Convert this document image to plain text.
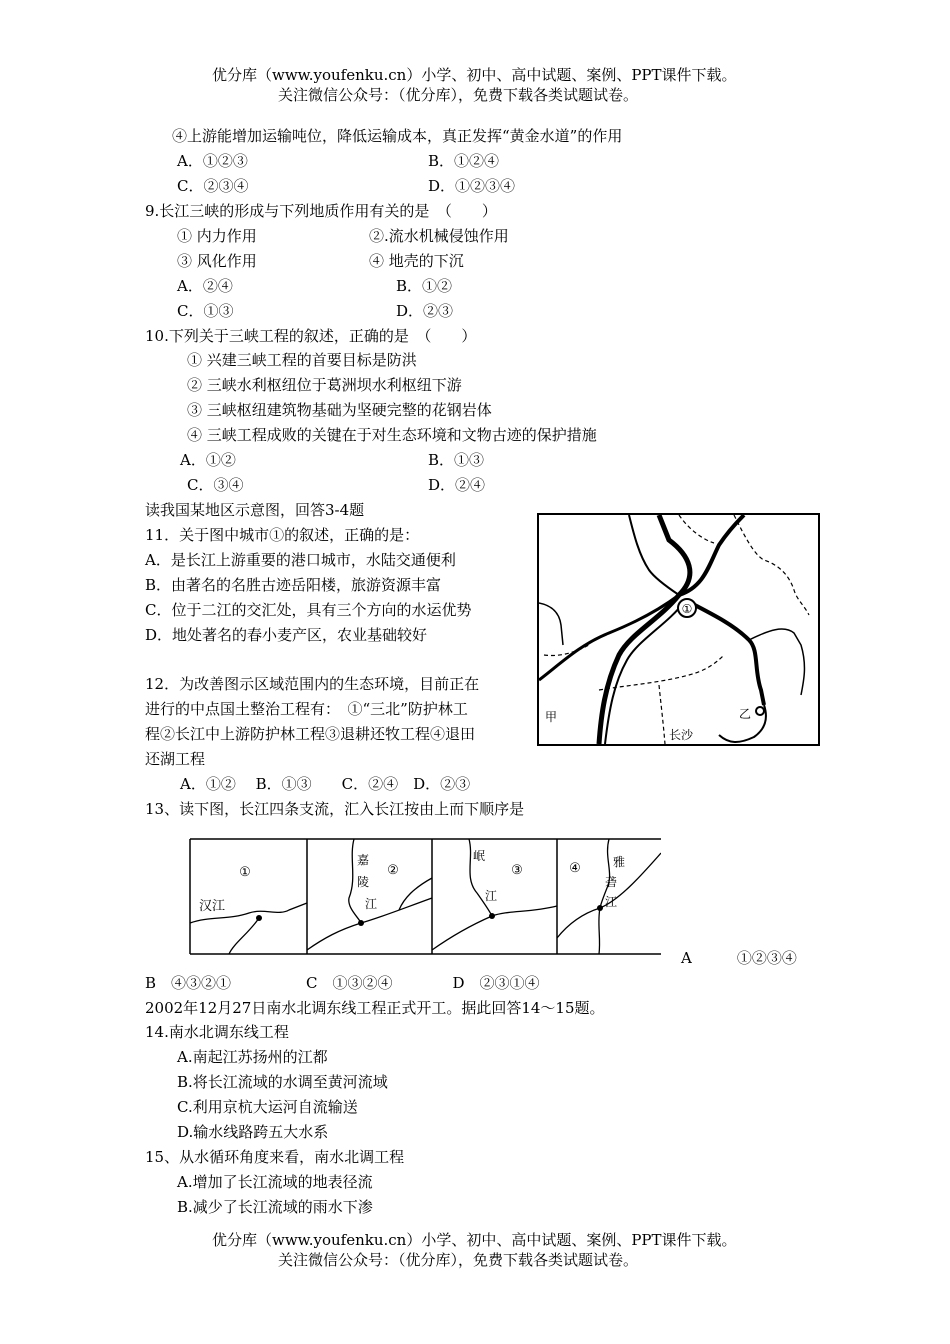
优分库（www.youfenku.cn）小学、初中、高中试题、案例、PPT课件下载。
关注微信公众号：（优分库），免费下载各类试题试卷。
④上游能增加运输吨位，降低运输成本，真正发挥“黄金水道”的作用
A．①②③	B．①②④
C．②③④	D．①②③④
9.长江三峡的形成与下列地质作用有关的是　（　　）
① 内力作用	②.流水机械侵蚀作用
③ 风化作用	④ 地壳的下沉
A．②④	B．①②
C．①③	D．②③
10.下列关于三峡工程的叙述，正确的是　（　　）
① 兴建三峡工程的首要目标是防洪
② 三峡水利枢纽位于葛洲坝水利枢纽下游
③ 三峡枢纽建筑物基础为坚硬完整的花钢岩体
④ 三峡工程成败的关键在于对生态环境和文物古迹的保护措施
A．①②	B．①③
C．③④	D．②④
读我国某地区示意图，回答3-4题
11．关于图中城市①的叙述，正确的是：
A．是长江上游重要的港口城市，水陆交通便利
B．由著名的名胜古迹岳阳楼，旅游资源丰富
C．位于二江的交汇处，具有三个方向的水运优势
D．地处著名的春小麦产区，农业基础较好
12．为改善图示区域范围内的生态环境，目前正在
进行的中点国土整治工程有：　①“三北”防护林工
程②长江中上游防护林工程③退耕还牧工程④退田
还湖工程
A．①②　 B．①③　　C．②④　D．②③
①
乙
甲
长沙
13、读下图，长江四条支流，汇入长江按由上而下顺序是
①
汉江
②
嘉
陵
江
③
岷
江
④	雅
砻
江
A　　　①②③④
B　④③②①　　　　　C　①③②④　　　　D　②③①④
2002年12月27日南水北调东线工程正式开工。据此回答14～15题。
14.南水北调东线工程
A.南起江苏扬州的江都
B.将长江流域的水调至黄河流域
C.利用京杭大运河自流输送
D.输水线路跨五大水系
15、从水循环角度来看，南水北调工程
A.增加了长江流域的地表径流
B.减少了长江流域的雨水下渗
优分库（www.youfenku.cn）小学、初中、高中试题、案例、PPT课件下载。
关注微信公众号：（优分库），免费下载各类试题试卷。
